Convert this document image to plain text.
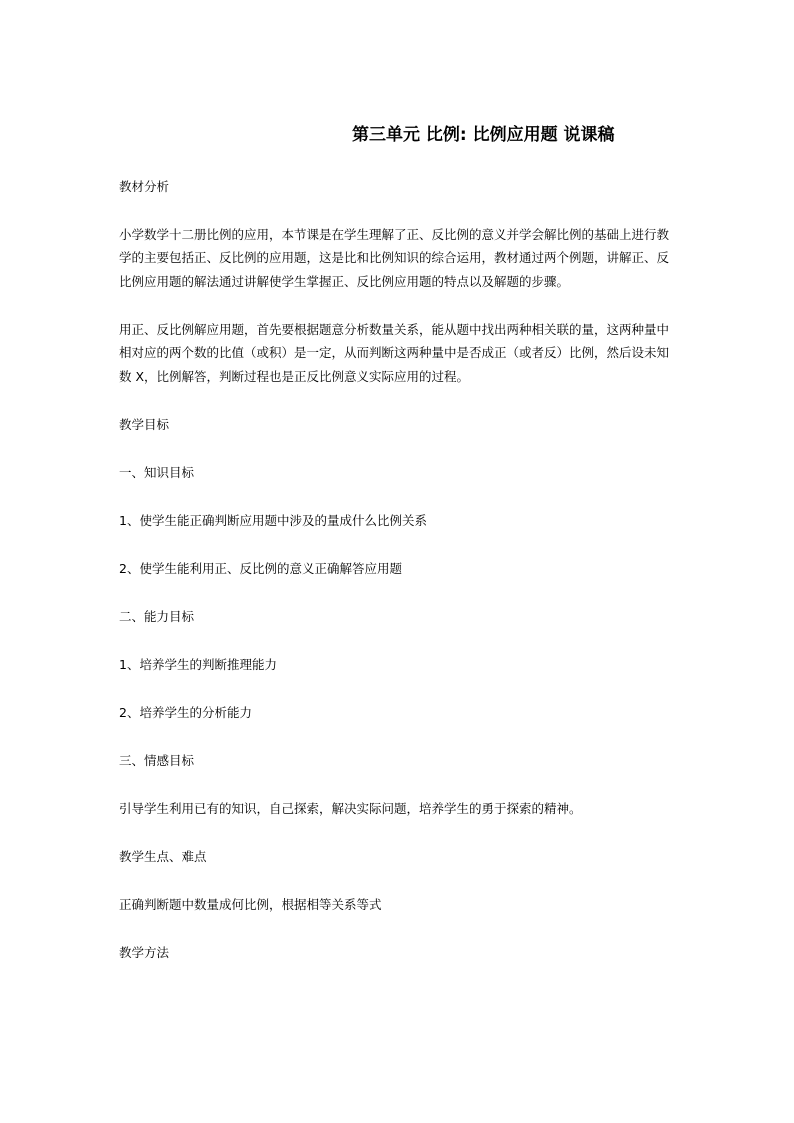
第三单元 比例: 比例应用题 说课稿

教材分析

小学数学十二册比例的应用，本节课是在学生理解了正、反比例的意义并学会解比例的基础上进行教学的主要包括正、反比例的应用题，这是比和比例知识的综合运用，教材通过两个例题，讲解正、反比例应用题的解法通过讲解使学生掌握正、反比例应用题的特点以及解题的步骤。

用正、反比例解应用题，首先要根据题意分析数量关系，能从题中找出两种相关联的量，这两种量中相对应的两个数的比值（或积）是一定，从而判断这两种量中是否成正（或者反）比例，然后设未知数 X，比例解答，判断过程也是正反比例意义实际应用的过程。

教学目标

一、知识目标

1、使学生能正确判断应用题中涉及的量成什么比例关系

2、使学生能利用正、反比例的意义正确解答应用题

二、能力目标

1、培养学生的判断推理能力

2、培养学生的分析能力

三、情感目标

引导学生利用已有的知识，自己探索，解决实际问题，培养学生的勇于探索的精神。

教学生点、难点

正确判断题中数量成何比例，根据相等关系等式

教学方法
